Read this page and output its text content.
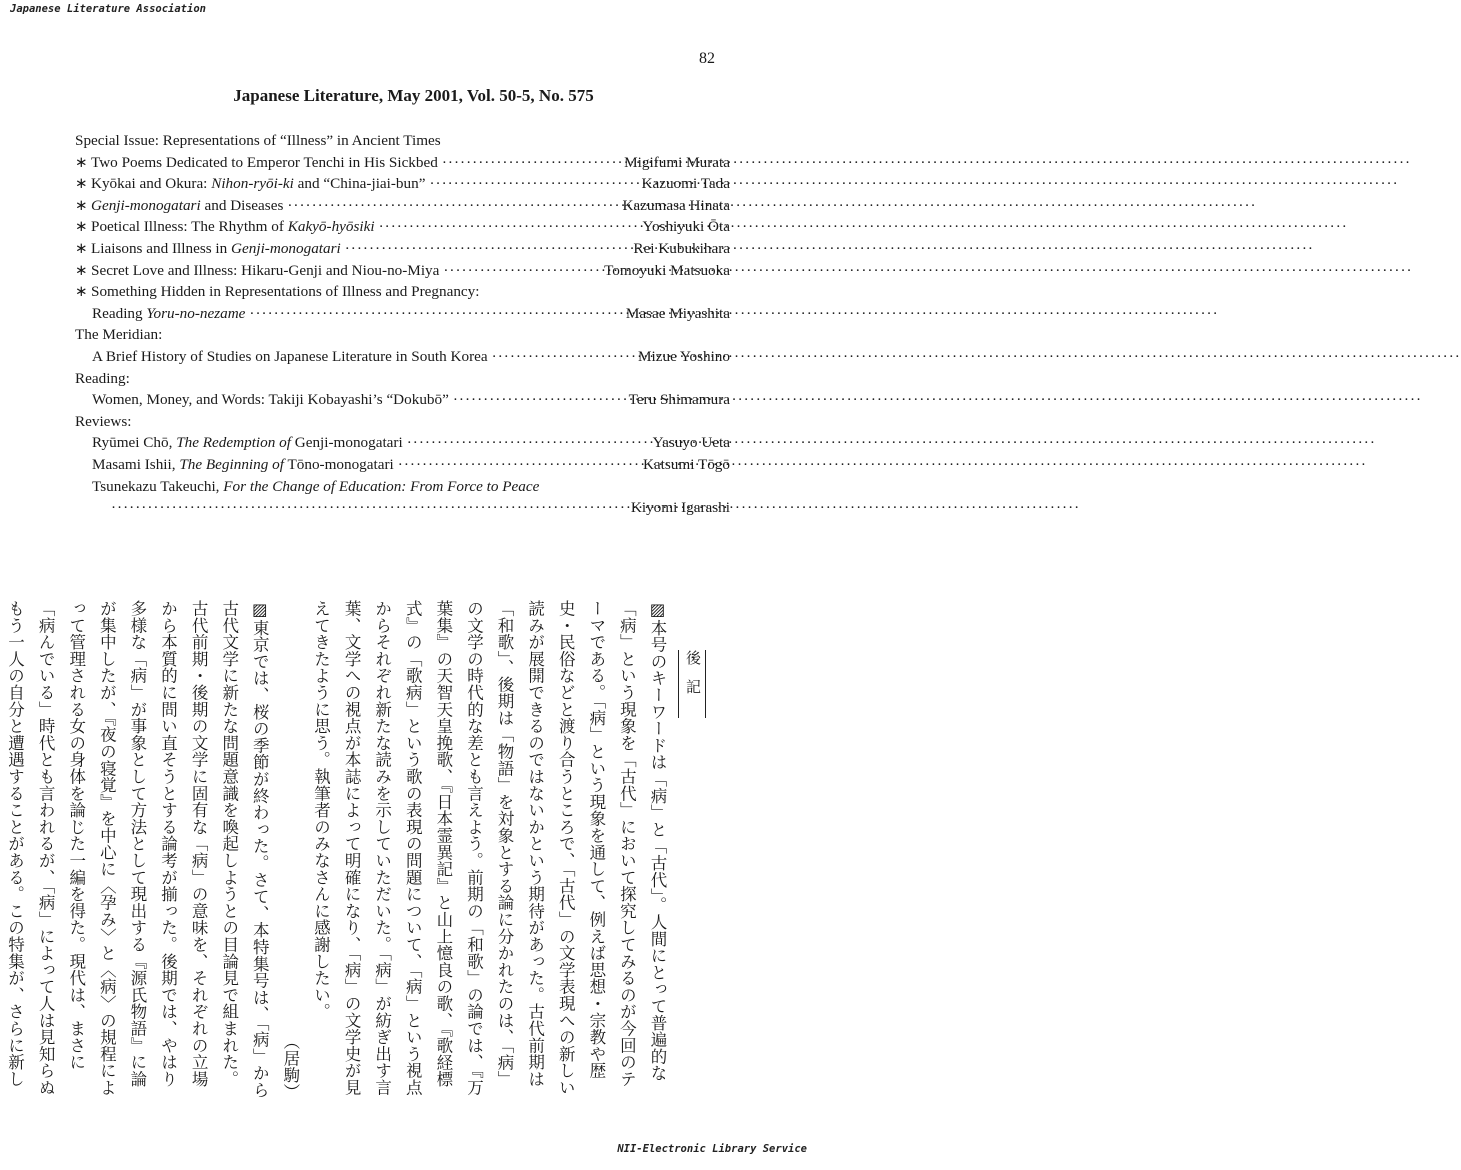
Japanese Literature Association
82
Japanese Literature, May 2001, Vol. 50-5, No. 575
Special Issue: Representations of “Illness” in Ancient Times
∗ Two Poems Dedicated to Emperor Tenchi in His Sickbed ·····	Migifumi Murata
∗ Kyōkai and Okura: Nihon-ryōi-ki and “China-jiai-bun” ·····	Kazuomi Tada
∗ Genji-monogatari and Diseases ·····	Kazumasa Hinata
∗ Poetical Illness: The Rhythm of Kakyō-hyōsiki ·····	Yoshiyuki Ōta
∗ Liaisons and Illness in Genji-monogatari ·····	Rei Kubukihara
∗ Secret Love and Illness: Hikaru-Genji and Niou-no-Miya ·····	Tomoyuki Matsuoka
∗ Something Hidden in Representations of Illness and Pregnancy:
Reading Yoru-no-nezame ·····	Masae Miyashita
The Meridian:
A Brief History of Studies on Japanese Literature in South Korea ·····	Mizue Yoshino
Reading:
Women, Money, and Words: Takiji Kobayashi’s “Dokubō” ·····	Teru Shimamura
Reviews:
Ryūmei Chō, The Redemption of Genji-monogatari ·····	Yasuyo Ueta
Masami Ishii, The Beginning of Tōno-monogatari ·····	Katsumi Tōgō
Tsunekazu Takeuchi, For the Change of Education: From Force to Peace
·····
Kiyomi Igarashi
後記
▨本号のキーワードは「病」と「古代」。人間にとって普遍的な「病」という現象を「古代」において探究してみるのが今回のテーマである。「病」という現象を通して、例えば思想・宗教や歴史・民俗などと渡り合うところで、「古代」の文学表現への新しい読みが展開できるのではないかという期待があった。古代前期は「和歌」、後期は「物語」を対象とする論に分かれたのは、「病」の文学の時代的な差とも言えよう。前期の「和歌」の論では、『万葉集』の天智天皇挽歌、『日本霊異記』と山上憶良の歌、『歌経標式』の「歌病」という歌の表現の問題について、「病」という視点からそれぞれ新たな読みを示していただいた。「病」が紡ぎ出す言葉、文学への視点が本誌によって明確になり、「病」の文学史が見えてきたように思う。執筆者のみなさんに感謝したい。
（居駒）
▨東京では、桜の季節が終わった。さて、本特集号は、「病」から古代文学に新たな問題意識を喚起しようとの目論見で組まれた。古代前期・後期の文学に固有な「病」の意味を、それぞれの立場から本質的に問い直そうとする論考が揃った。後期では、やはり多様な「病」が事象として方法として現出する『源氏物語』に論が集中したが、『夜の寝覚』を中心に〈孕み〉と〈病〉の規程によって管理される女の身体を論じた一編を得た。現代は、まさに「病んでいる」時代とも言われるが、「病」によって人は見知らぬもう一人の自分と遭遇することがある。この特集が、さらに新し
NII-Electronic Library Service
